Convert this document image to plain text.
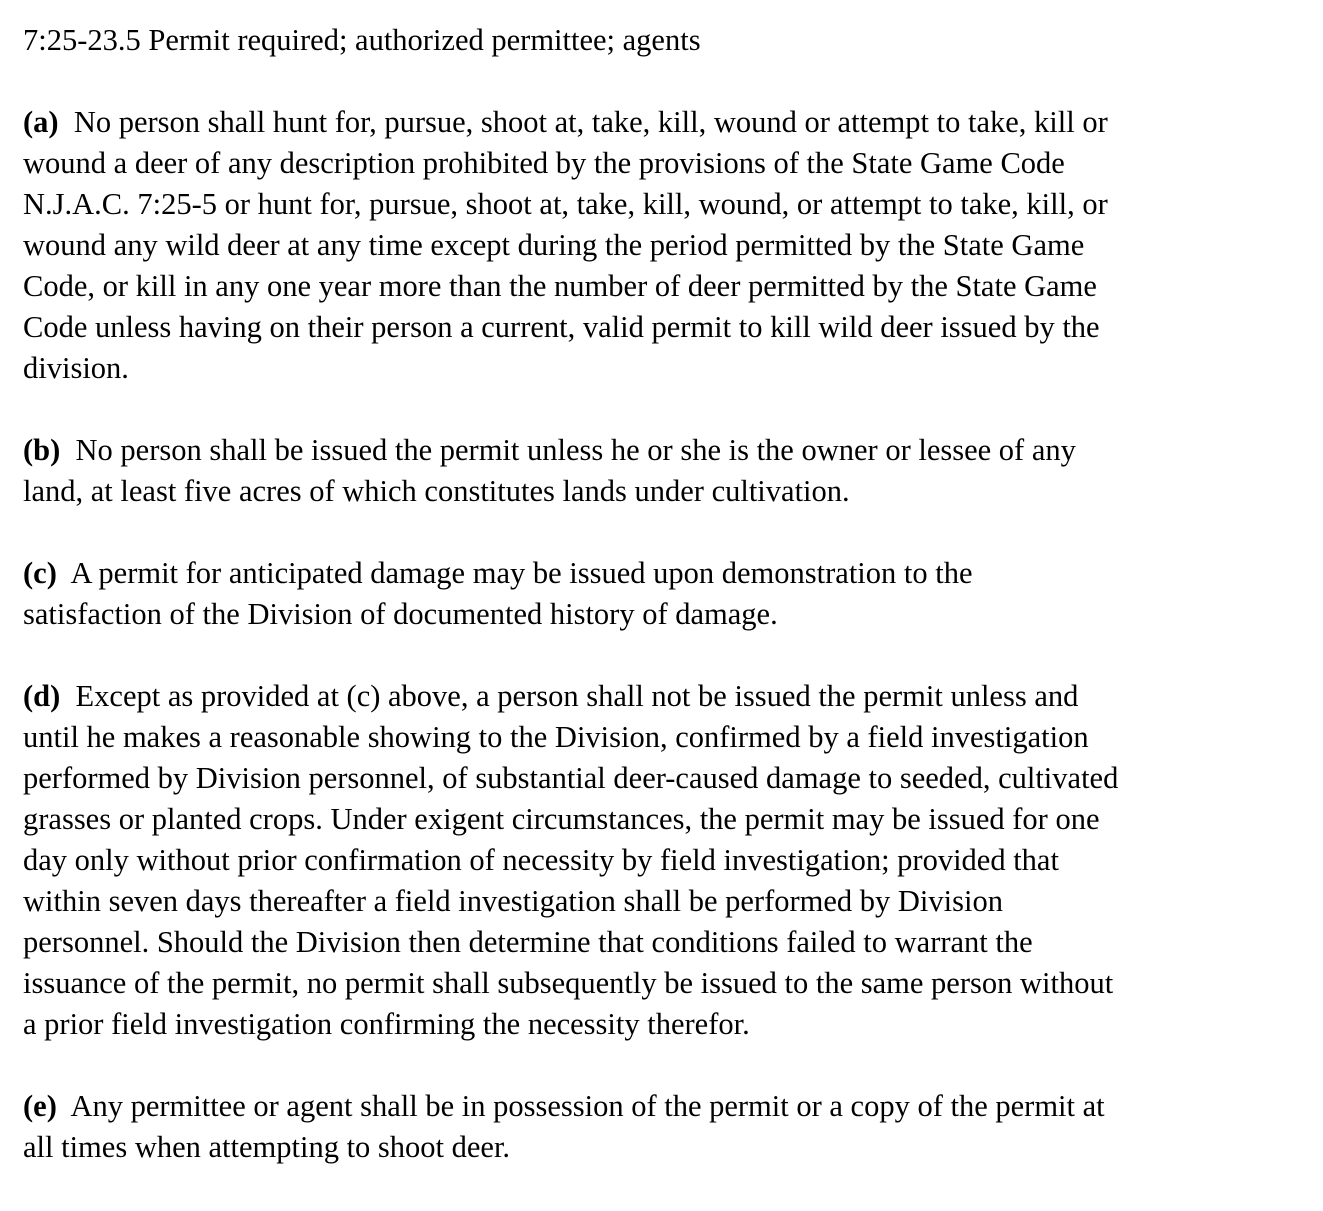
7:25-23.5 Permit required; authorized permittee; agents
(a) No person shall hunt for, pursue, shoot at, take, kill, wound or attempt to take, kill or
wound a deer of any description prohibited by the provisions of the State Game Code
N.J.A.C. 7:25-5 or hunt for, pursue, shoot at, take, kill, wound, or attempt to take, kill, or
wound any wild deer at any time except during the period permitted by the State Game
Code, or kill in any one year more than the number of deer permitted by the State Game
Code unless having on their person a current, valid permit to kill wild deer issued by the
division.
(b) No person shall be issued the permit unless he or she is the owner or lessee of any
land, at least five acres of which constitutes lands under cultivation.
(c) A permit for anticipated damage may be issued upon demonstration to the
satisfaction of the Division of documented history of damage.
(d) Except as provided at (c) above, a person shall not be issued the permit unless and
until he makes a reasonable showing to the Division, confirmed by a field investigation
performed by Division personnel, of substantial deer-caused damage to seeded, cultivated
grasses or planted crops. Under exigent circumstances, the permit may be issued for one
day only without prior confirmation of necessity by field investigation; provided that
within seven days thereafter a field investigation shall be performed by Division
personnel. Should the Division then determine that conditions failed to warrant the
issuance of the permit, no permit shall subsequently be issued to the same person without
a prior field investigation confirming the necessity therefor.
(e) Any permittee or agent shall be in possession of the permit or a copy of the permit at
all times when attempting to shoot deer.
